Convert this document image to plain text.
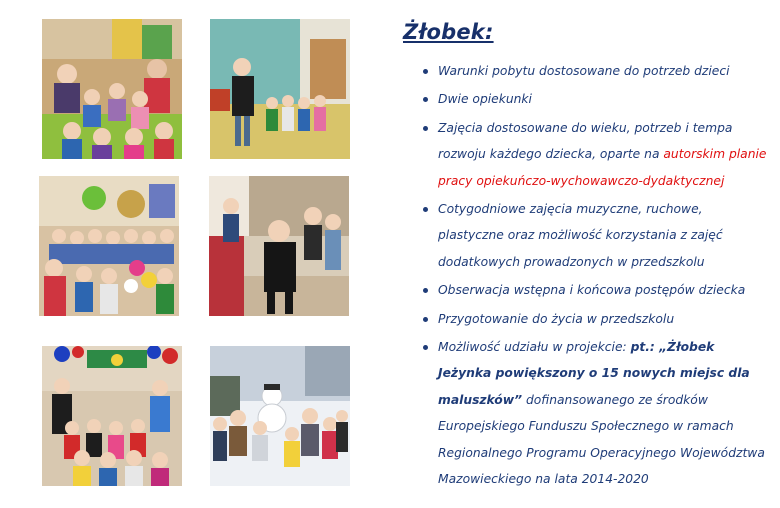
Żłobek:
Warunki pobytu dostosowane do potrzeb dzieci
Dwie opiekunki
Zajęcia dostosowane do wieku, potrzeb i tempa rozwoju każdego dziecka, oparte na autorskim planie pracy opiekuńczo-wychowawczo-dydaktycznej
Cotygodniowe zajęcia muzyczne, ruchowe, plastyczne oraz możliwość korzystania z zajęć dodatkowych prowadzonych w przedszkolu
Obserwacja wstępna i końcowa postępów dziecka
Przygotowanie do życia w przedszkolu
Możliwość udziału w projekcie: pt.: „Żłobek Jeżynka powiększony o 15 nowych miejsc dla maluszków” dofinansowanego ze środków Europejskiego Funduszu Społecznego w ramach Regionalnego Programu Operacyjnego Województwa Mazowieckiego na lata 2014-2020
